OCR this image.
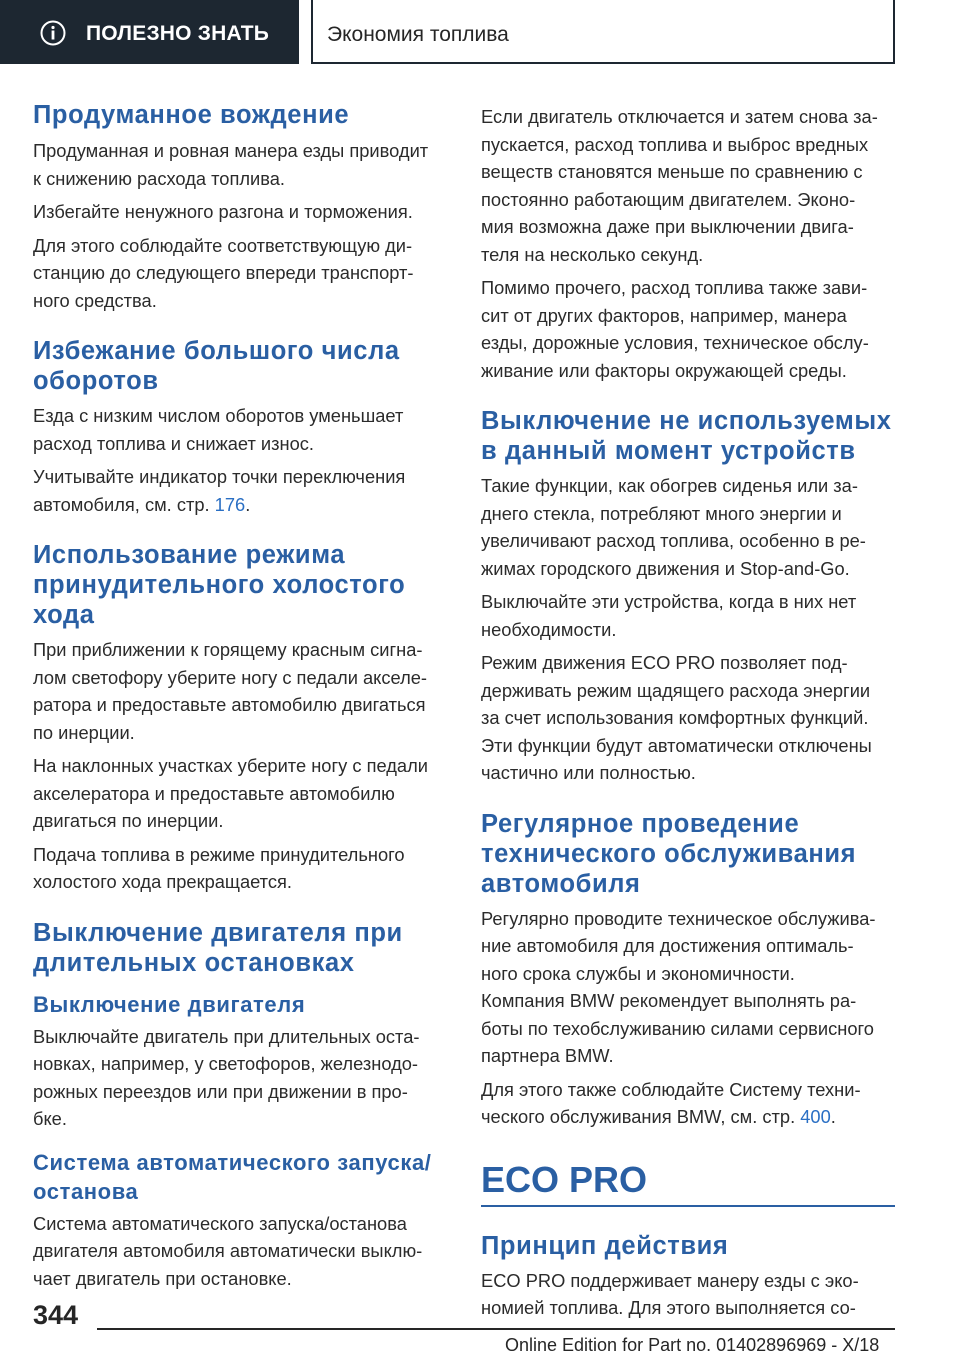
ПОЛЕЗНО ЗНАТЬ	Экономия топлива
Продуманное вождение
Продуманная и ровная манера езды приводит
к снижению расхода топлива.
Избегайте ненужного разгона и торможения.
Для этого соблюдайте соответствующую ди-
станцию до следующего впереди транспорт-
ного средства.
Избежание большого числа
оборотов
Езда с низким числом оборотов уменьшает
расход топлива и снижает износ.
Учитывайте индикатор точки переключения
автомобиля, см. стр. 176.
Использование режима
принудительного холостого
хода
При приближении к горящему красным сигна-
лом светофору уберите ногу с педали акселе-
ратора и предоставьте автомобилю двигаться
по инерции.
На наклонных участках уберите ногу с педали
акселератора и предоставьте автомобилю
двигаться по инерции.
Подача топлива в режиме принудительного
холостого хода прекращается.
Выключение двигателя при
длительных остановках
Выключение двигателя
Выключайте двигатель при длительных оста-
новках, например, у светофоров, железнодо-
рожных переездов или при движении в про-
бке.
Система автоматического запуска/
останова
Система автоматического запуска/останова
двигателя автомобиля автоматически выклю-
чает двигатель при остановке.
Если двигатель отключается и затем снова за-
пускается, расход топлива и выброс вредных
веществ становятся меньше по сравнению с
постоянно работающим двигателем. Эконо-
мия возможна даже при выключении двига-
теля на несколько секунд.
Помимо прочего, расход топлива также зави-
сит от других факторов, например, манера
езды, дорожные условия, техническое обслу-
живание или факторы окружающей среды.
Выключение не используемых
в данный момент устройств
Такие функции, как обогрев сиденья или за-
днего стекла, потребляют много энергии и
увеличивают расход топлива, особенно в ре-
жимах городского движения и Stop-and-Go.
Выключайте эти устройства, когда в них нет
необходимости.
Режим движения ECO PRO позволяет под-
держивать режим щадящего расхода энергии
за счет использования комфортных функций.
Эти функции будут автоматически отключены
частично или полностью.
Регулярное проведение
технического обслуживания
автомобиля
Регулярно проводите техническое обслужива-
ние автомобиля для достижения оптималь-
ного срока службы и экономичности.
Компания BMW рекомендует выполнять ра-
боты по техобслуживанию силами сервисного
партнера BMW.
Для этого также соблюдайте Систему техни-
ческого обслуживания BMW, см. стр. 400.
ECO PRO
Принцип действия
ECO PRO поддерживает манеру езды с эко-
номией топлива. Для этого выполняется со-
344
Online Edition for Part no. 01402896969 - X/18
